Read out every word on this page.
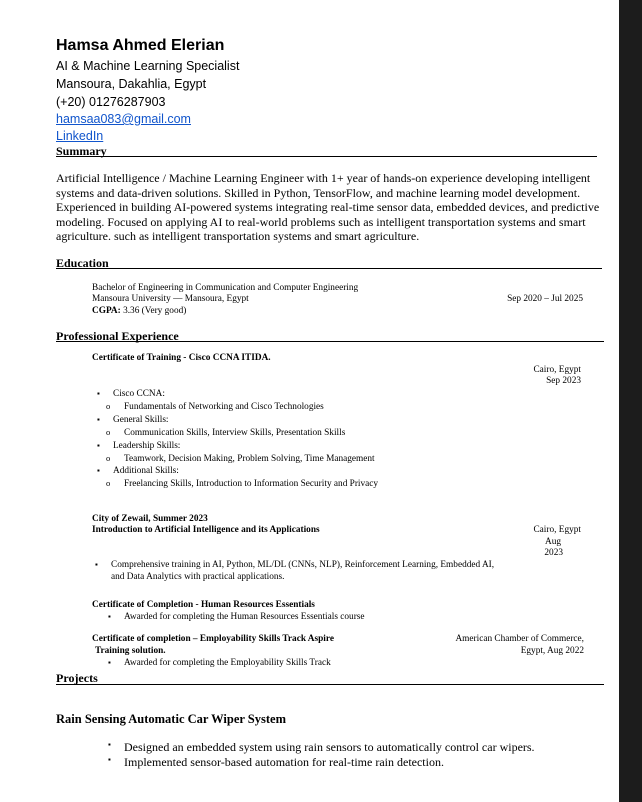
Hamsa Ahmed Elerian
AI & Machine Learning Specialist
Mansoura, Dakahlia, Egypt
(+20) 01276287903
hamsaa083@gmail.com
LinkedIn
Summary
Artificial Intelligence / Machine Learning Engineer with 1+ year of hands-on experience developing intelligent systems and data-driven solutions. Skilled in Python, TensorFlow, and machine learning model development. Experienced in building AI-powered systems integrating real-time sensor data, embedded devices, and predictive modeling. Focused on applying AI to real-world problems such as intelligent transportation systems and smart agriculture. such as intelligent transportation systems and smart agriculture.
Education
Bachelor of Engineering in Communication and Computer Engineering
Mansoura University — Mansoura, Egypt	Sep 2020 – Jul 2025
CGPA: 3.36 (Very good)
Professional Experience
Certificate of Training - Cisco CCNA ITIDA.
Cairo, Egypt
Sep 2023
▪ Cisco CCNA:
o Fundamentals of Networking and Cisco Technologies
▪ General Skills:
o Communication Skills, Interview Skills, Presentation Skills
▪ Leadership Skills:
o Teamwork, Decision Making, Problem Solving, Time Management
▪ Additional Skills:
o Freelancing Skills, Introduction to Information Security and Privacy
City of Zewail, Summer 2023
Introduction to Artificial Intelligence and its Applications	Cairo, Egypt
Aug
2023
▪ Comprehensive training in AI, Python, ML/DL (CNNs, NLP), Reinforcement Learning, Embedded AI,
and Data Analytics with practical applications.
Certificate of Completion - Human Resources Essentials
▪ Awarded for completing the Human Resources Essentials course
Certificate of completion – Employability Skills Track Aspire
Training solution.
American Chamber of Commerce,
Egypt, Aug 2022
▪ Awarded for completing the Employability Skills Track
Projects
Rain Sensing Automatic Car Wiper System
▪ Designed an embedded system using rain sensors to automatically control car wipers.
▪ Implemented sensor-based automation for real-time rain detection.
